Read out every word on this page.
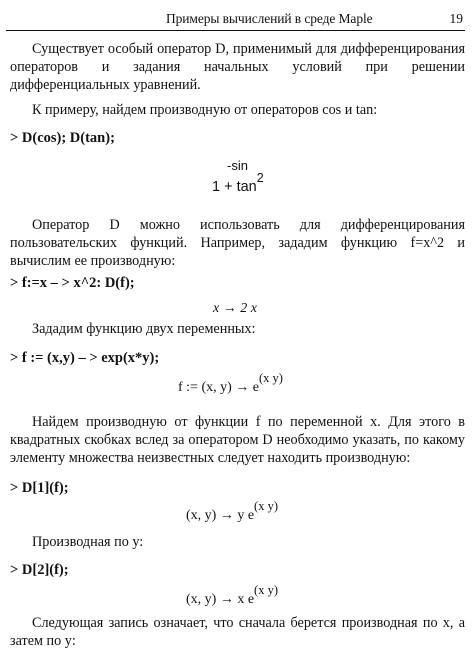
Примеры вычислений в среде Maple	19

Существует особый оператор D, применимый для дифференцирования операторов и задания начальных условий при решении дифференциальных уравнений.

К примеру, найдем производную от операторов cos и tan:

> D(cos); D(tan);

-sin
1 + tan2

Оператор D можно использовать для дифференцирования пользовательских функций. Например, зададим функцию f=x^2 и вычислим ее производную:

> f:=x – > x^2: D(f);

x → 2 x

Зададим функцию двух переменных:

> f := (x,y) – > exp(x*y);

f := (x, y) → e(x y)

Найдем производную от функции f по переменной x. Для этого в квадратных скобках вслед за оператором D необходимо указать, по какому элементу множества неизвестных следует находить производную:

> D[1](f);

(x, y) → y e(x y)

Производная по y:

> D[2](f);

(x, y) → x e(x y)

Следующая запись означает, что сначала берется производная по x, а затем по y:
